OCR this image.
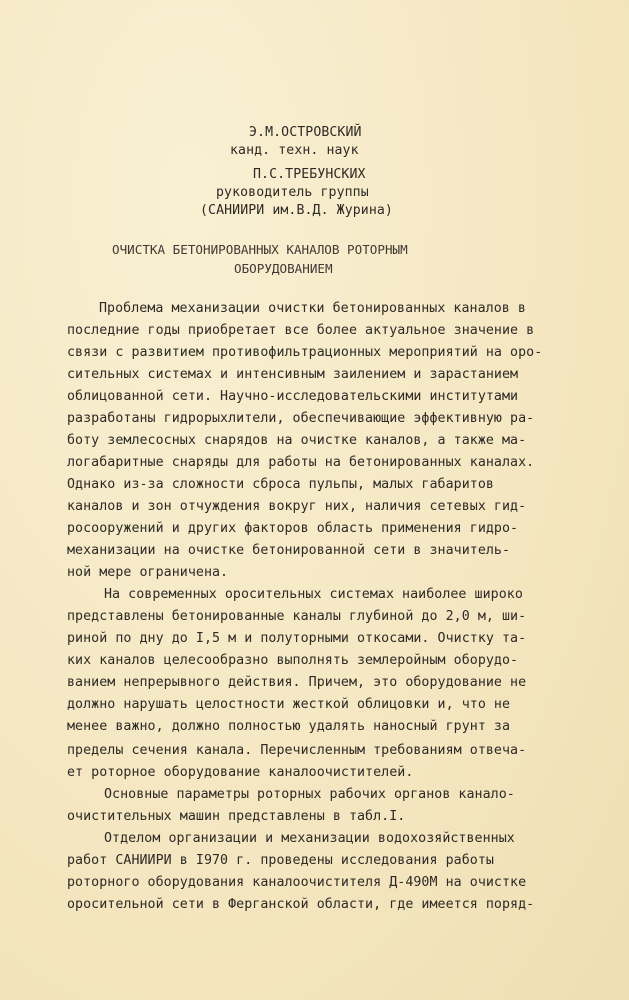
Э.М.ОСТРОВСКИЙ
канд. техн. наук
П.С.ТРЕБУНСКИХ
руководитель группы
(САНИИРИ им.В.Д. Журина)
ОЧИСТКА БЕТОНИРОВАННЫХ КАНАЛОВ РОТОРНЫМ
ОБОРУДОВАНИЕМ
Проблема механизации очистки бетонированных каналов в
последние годы приобретает все более актуальное значение в
связи с развитием противофильтрационных мероприятий на оро-
сительных системах и интенсивным заилением и зарастанием
облицованной сети. Научно-исследовательскими институтами
разработаны гидрорыхлители, обеспечивающие эффективную ра-
боту землесосных снарядов на очистке каналов, а также ма-
логабаритные снаряды для работы на бетонированных каналах.
Однако из-за сложности сброса пульпы, малых габаритов
каналов и зон отчуждения вокруг них, наличия сетевых гид-
росооружений и других факторов область применения гидро-
механизации на очистке бетонированной сети в значитель-
ной мере ограничена.
На современных оросительных системах наиболее широко
представлены бетонированные каналы глубиной до 2,0 м, ши-
риной по дну до I,5 м и полуторными откосами. Очистку та-
ких каналов целесообразно выполнять землеройным оборудо-
ванием непрерывного действия. Причем, это оборудование не
должно нарушать целостности жесткой облицовки и, что не
менее важно, должно полностью удалять наносный грунт за
пределы сечения канала. Перечисленным требованиям отвеча-
ет роторное оборудование каналоочистителей.
Основные параметры роторных рабочих органов канало-
очистительных машин представлены в табл.I.
Отделом организации и механизации водохозяйственных
работ САНИИРИ в I970 г. проведены исследования работы
роторного оборудования каналоочистителя Д-490М на очистке
оросительной сети в Ферганской области, где имеется поряд-
